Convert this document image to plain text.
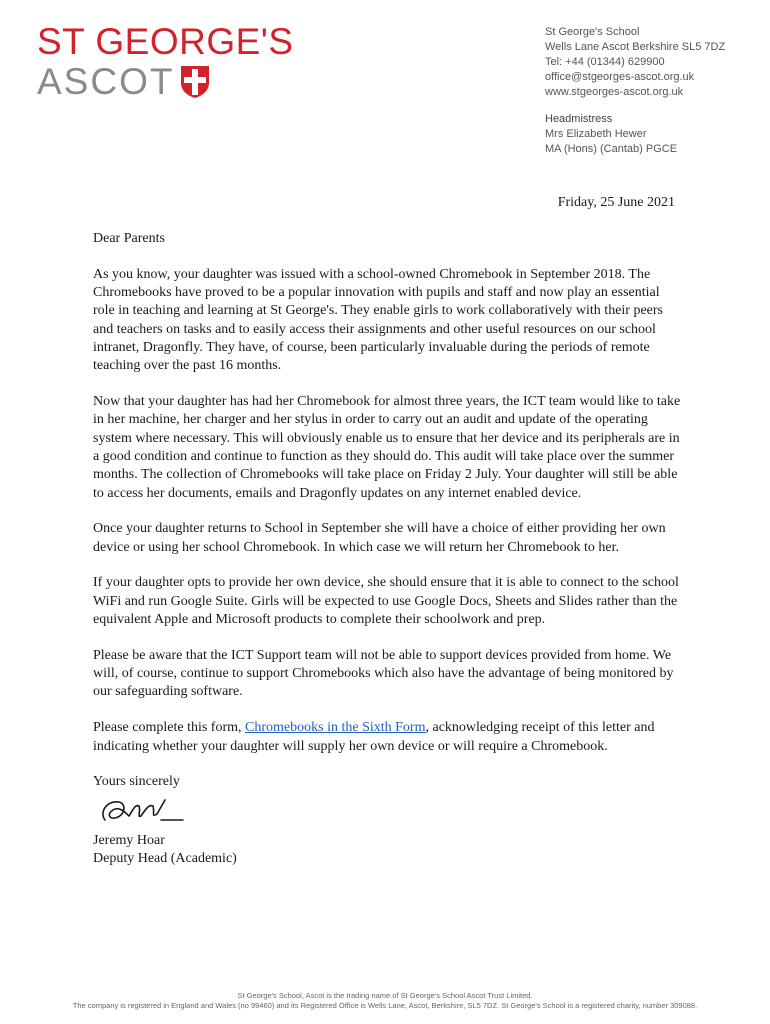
ST GEORGE'S
ASCOT
St George's School
Wells Lane Ascot Berkshire SL5 7DZ
Tel: +44 (01344) 629900
office@stgeorges-ascot.org.uk
www.stgeorges-ascot.org.uk
Headmistress
Mrs Elizabeth Hewer
MA (Hons) (Cantab) PGCE
Friday, 25 June 2021

Dear Parents

As you know, your daughter was issued with a school-owned Chromebook in September 2018. The Chromebooks have proved to be a popular innovation with pupils and staff and now play an essential role in teaching and learning at St George's. They enable girls to work collaboratively with their peers and teachers on tasks and to easily access their assignments and other useful resources on our school intranet, Dragonfly. They have, of course, been particularly invaluable during the periods of remote teaching over the past 16 months.

Now that your daughter has had her Chromebook for almost three years, the ICT team would like to take in her machine, her charger and her stylus in order to carry out an audit and update of the operating system where necessary. This will obviously enable us to ensure that her device and its peripherals are in a good condition and continue to function as they should do. This audit will take place over the summer months. The collection of Chromebooks will take place on Friday 2 July. Your daughter will still be able to access her documents, emails and Dragonfly updates on any internet enabled device.

Once your daughter returns to School in September she will have a choice of either providing her own device or using her school Chromebook. In which case we will return her Chromebook to her.

If your daughter opts to provide her own device, she should ensure that it is able to connect to the school WiFi and run Google Suite. Girls will be expected to use Google Docs, Sheets and Slides rather than the equivalent Apple and Microsoft products to complete their schoolwork and prep.

Please be aware that the ICT Support team will not be able to support devices provided from home. We will, of course, continue to support Chromebooks which also have the advantage of being monitored by our safeguarding software.

Please complete this form, Chromebooks in the Sixth Form, acknowledging receipt of this letter and indicating whether your daughter will supply her own device or will require a Chromebook.

Yours sincerely

Jeremy Hoar
Deputy Head (Academic)
St George's School, Ascot is the trading name of St George's School Ascot Trust Limited.
The company is registered in England and Wales (no 99460) and its Registered Office is Wells Lane, Ascot, Berkshire, SL5 7DZ. St George's School is a registered charity, number 309088.
